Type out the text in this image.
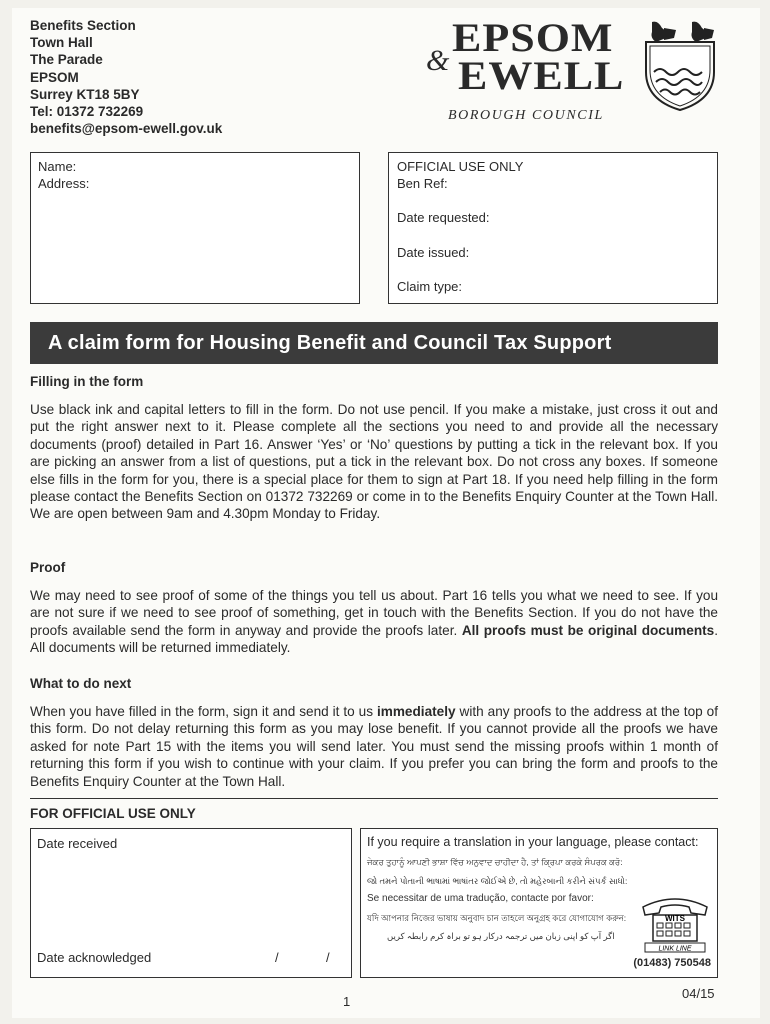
Benefits Section
Town Hall
The Parade
EPSOM
Surrey KT18 5BY
Tel: 01372 732269
benefits@epsom-ewell.gov.uk
&
EPSOM
EWELL
BOROUGH COUNCIL
Name:
Address:
OFFICIAL USE ONLY
Ben Ref:
Date requested:
Date issued:
Claim type:
A claim form for Housing Benefit and Council Tax Support
Filling in the form
Use black ink and capital letters to fill in the form. Do not use pencil. If you make a mistake, just cross it out and put the right answer next to it. Please complete all the sections you need to and provide all the necessary documents (proof) detailed in Part 16. Answer ‘Yes’ or ‘No’ questions by putting a tick in the relevant box. If you are picking an answer from a list of questions, put a tick in the relevant box. Do not cross any boxes. If someone else fills in the form for you, there is a special place for them to sign at Part 18. If you need help filling in the form please contact the Benefits Section on 01372 732269 or come in to the Benefits Enquiry Counter at the Town Hall. We are open between 9am and 4.30pm Monday to Friday.
Proof
We may need to see proof of some of the things you tell us about. Part 16 tells you what we need to see. If you are not sure if we need to see proof of something, get in touch with the Benefits Section. If you do not have the proofs available send the form in anyway and provide the proofs later. All proofs must be original documents. All documents will be returned immediately.
What to do next
When you have filled in the form, sign it and send it to us immediately with any proofs to the address at the top of this form. Do not delay returning this form as you may lose benefit. If you cannot provide all the proofs we have asked for note Part 15 with the items you will send later. You must send the missing proofs within 1 month of returning this form if you wish to continue with your claim. If you prefer you can bring the form and proofs to the Benefits Enquiry Counter at the Town Hall.
FOR OFFICIAL USE ONLY
Date received
Date acknowledged	/	/
If you require a translation in your language, please contact:
ਜੇਕਰ ਤੁਹਾਨੂੰ ਆਪਣੀ ਭਾਸ਼ਾ ਵਿੱਚ ਅਨੁਵਾਦ ਚਾਹੀਦਾ ਹੈ, ਤਾਂ ਕ੍ਰਿਪਾ ਕਰਕੇ ਸੰਪਰਕ ਕਰੋ:
જો તમને પોતાની ભાષામાં ભાષાંતર જોઈએ છે, તો મહેરબાની કરીને સંપર્ક સાધો:
Se necessitar de uma tradução, contacte por favor:
যদি আপনার নিজের ভাষায় অনুবাদ চান তাহলে অনুগ্রহ করে যোগাযোগ করুন:
اگر آپ کو اپنی زبان میں ترجمہ درکار ہو تو براہ کرم رابطہ کریں
WITS
LINK LINE
(01483) 750548
1
04/15
